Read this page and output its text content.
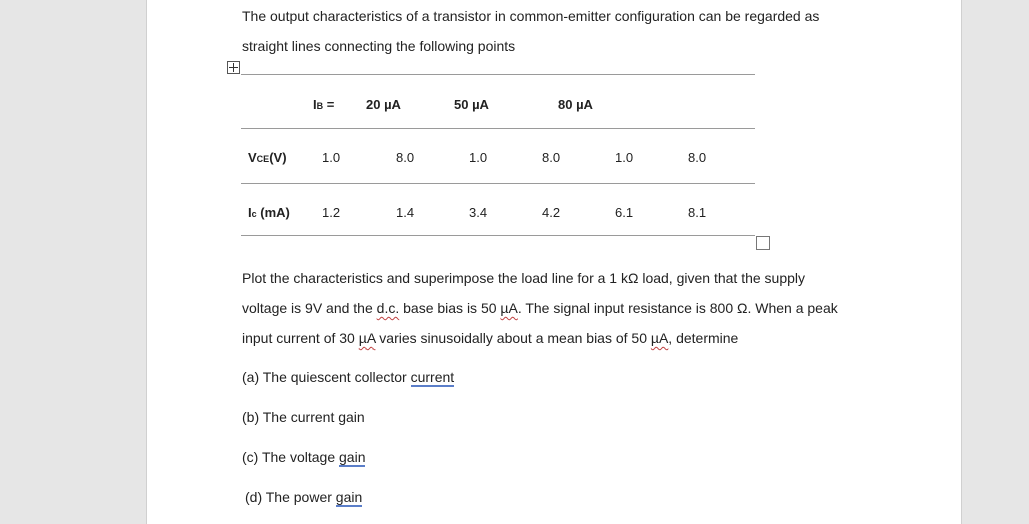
The output characteristics of a transistor in common-emitter configuration can be regarded as
straight lines connecting the following points
IB = 20 µA	50 µA	80 µA
VCE(V)	1.0	8.0	1.0	8.0	1.0	8.0
Ic (mA) 1.2	1.4	3.4	4.2	6.1	8.1
Plot the characteristics and superimpose the load line for a 1 kΩ load, given that the supply
voltage is 9V and the d.c. base bias is 50 µA. The signal input resistance is 800 Ω. When a peak
input current of 30 µA varies sinusoidally about a mean bias of 50 µA, determine
(a) The quiescent collector current
(b) The current gain
(c) The voltage gain
(d) The power gain
